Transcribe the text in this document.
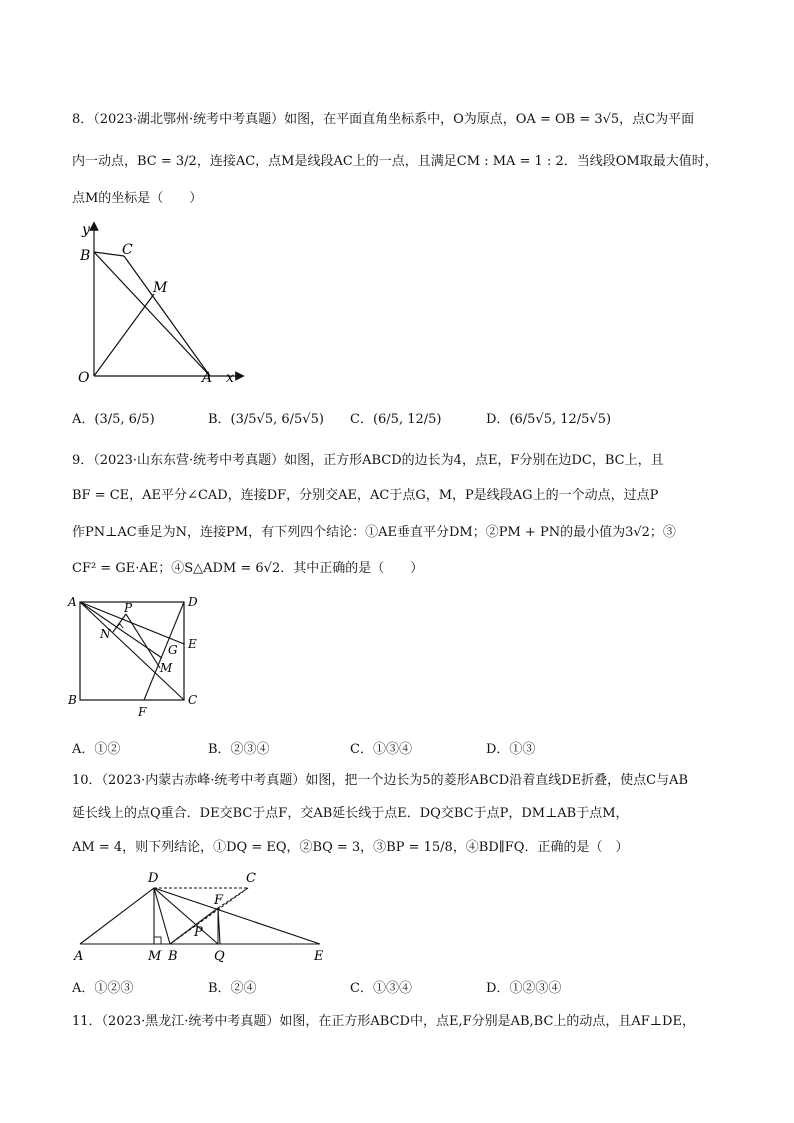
8．（2023·湖北鄂州·统考中考真题）如图，在平面直角坐标系中，O为原点，OA = OB = 3√5，点C为平面
内一动点，BC = 3/2，连接AC，点M是线段AC上的一点，且满足CM : MA = 1 : 2．当线段OM取最大值时，
点M的坐标是（　　）
y
B C
M
O	A x
A．(3/5, 6/5)	B．(3/5√5, 6/5√5) C．(6/5, 12/5)	D．(6/5√5, 12/5√5)
9．（2023·山东东营·统考中考真题）如图，正方形ABCD的边长为4，点E，F分别在边DC，BC上，且
BF = CE，AE平分∠CAD，连接DF，分别交AE，AC于点G，M，P是线段AG上的一个动点，过点P
作PN⊥AC垂足为N，连接PM，有下列四个结论：①AE垂直平分DM；②PM + PN的最小值为3√2；③
CF² = GE·AE；④S△ADM = 6√2．其中正确的是（　　）
A	D
P
N
E
G
M
B
F
C
A．①②	B．②③④	C．①③④	D．①③
10．（2023·内蒙古赤峰·统考中考真题）如图，把一个边长为5的菱形ABCD沿着直线DE折叠，使点C与AB
延长线上的点Q重合．DE交BC于点F，交AB延长线于点E．DQ交BC于点P，DM⊥AB于点M，
AM = 4，则下列结论，①DQ = EQ，②BQ = 3，③BP = 15/8，④BD∥FQ．正确的是（　）
D	C
F
P
A	M B	Q	E
A．①②③	B．②④	C．①③④	D．①②③④
11．（2023·黑龙江·统考中考真题）如图，在正方形ABCD中，点E,F分别是AB,BC上的动点，且AF⊥DE，
